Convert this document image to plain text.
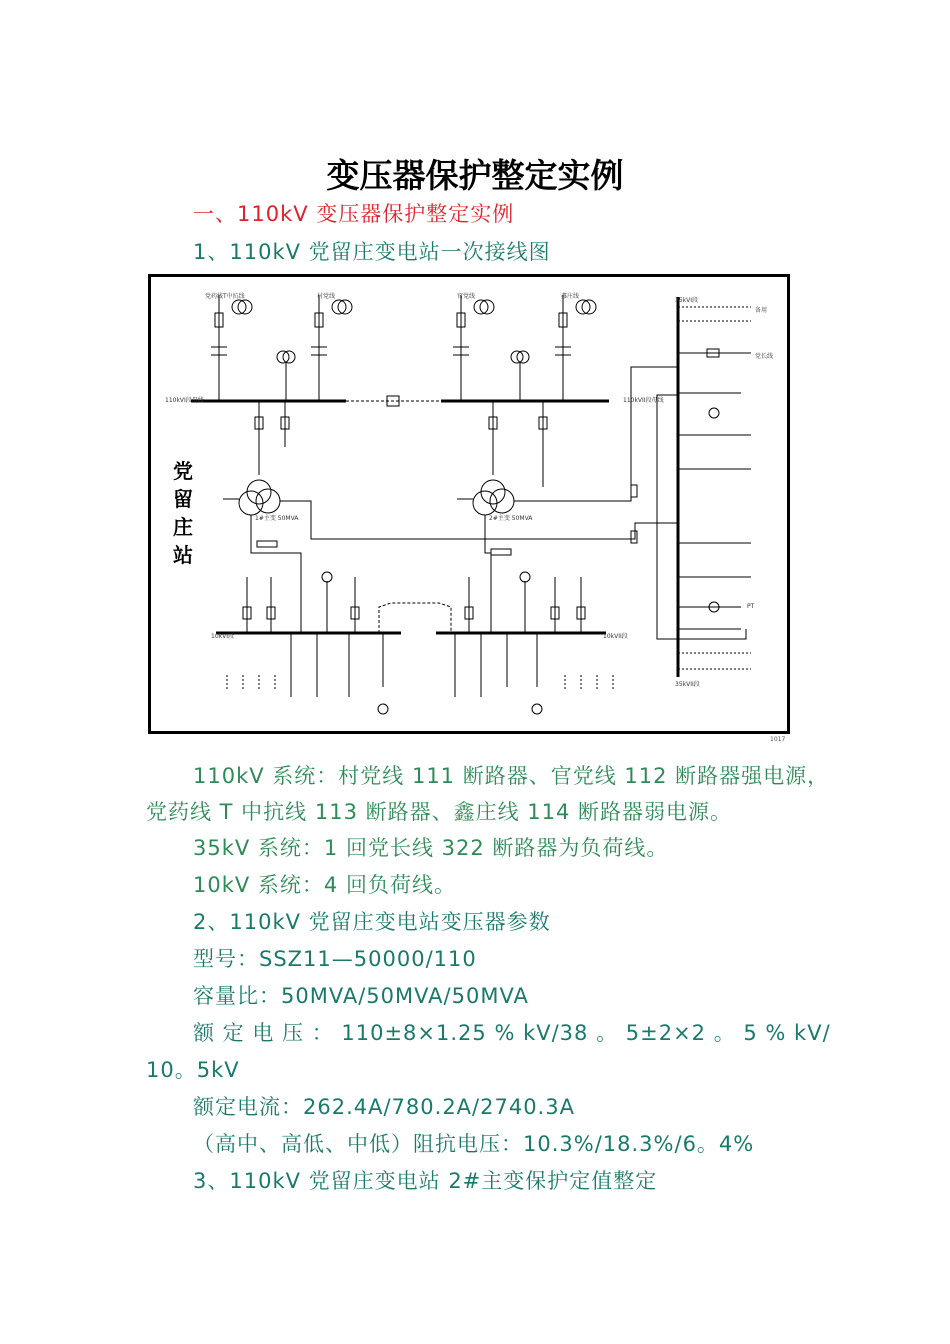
变压器保护整定实例
一、110kV 变压器保护整定实例
1、110kV 党留庄变电站一次接线图
党留庄站
党药线T中抗线	村党线	官党线	鑫庄线
110kVI段母线	110kVII段母线
35kVI段
35kVII段
10kVI段	10kVII段
1#主变 50MVA	2#主变 50MVA
备用
党长线
PT
1017
110kV 系统：村党线 111 断路器、官党线 112 断路器强电源，
党药线 T 中抗线 113 断路器、鑫庄线 114 断路器弱电源。
35kV 系统：1 回党长线 322 断路器为负荷线。
10kV 系统：4 回负荷线。
2、110kV 党留庄变电站变压器参数
型号：SSZ11—50000/110
容量比：50MVA/50MVA/50MVA
额 定 电 压 ： 110±8×1.25 % kV/38 。 5±2×2 。 5 % kV/
10。5kV
额定电流：262.4A/780.2A/2740.3A
（高中、高低、中低）阻抗电压：10.3%/18.3%/6。4%
3、110kV 党留庄变电站 2#主变保护定值整定
